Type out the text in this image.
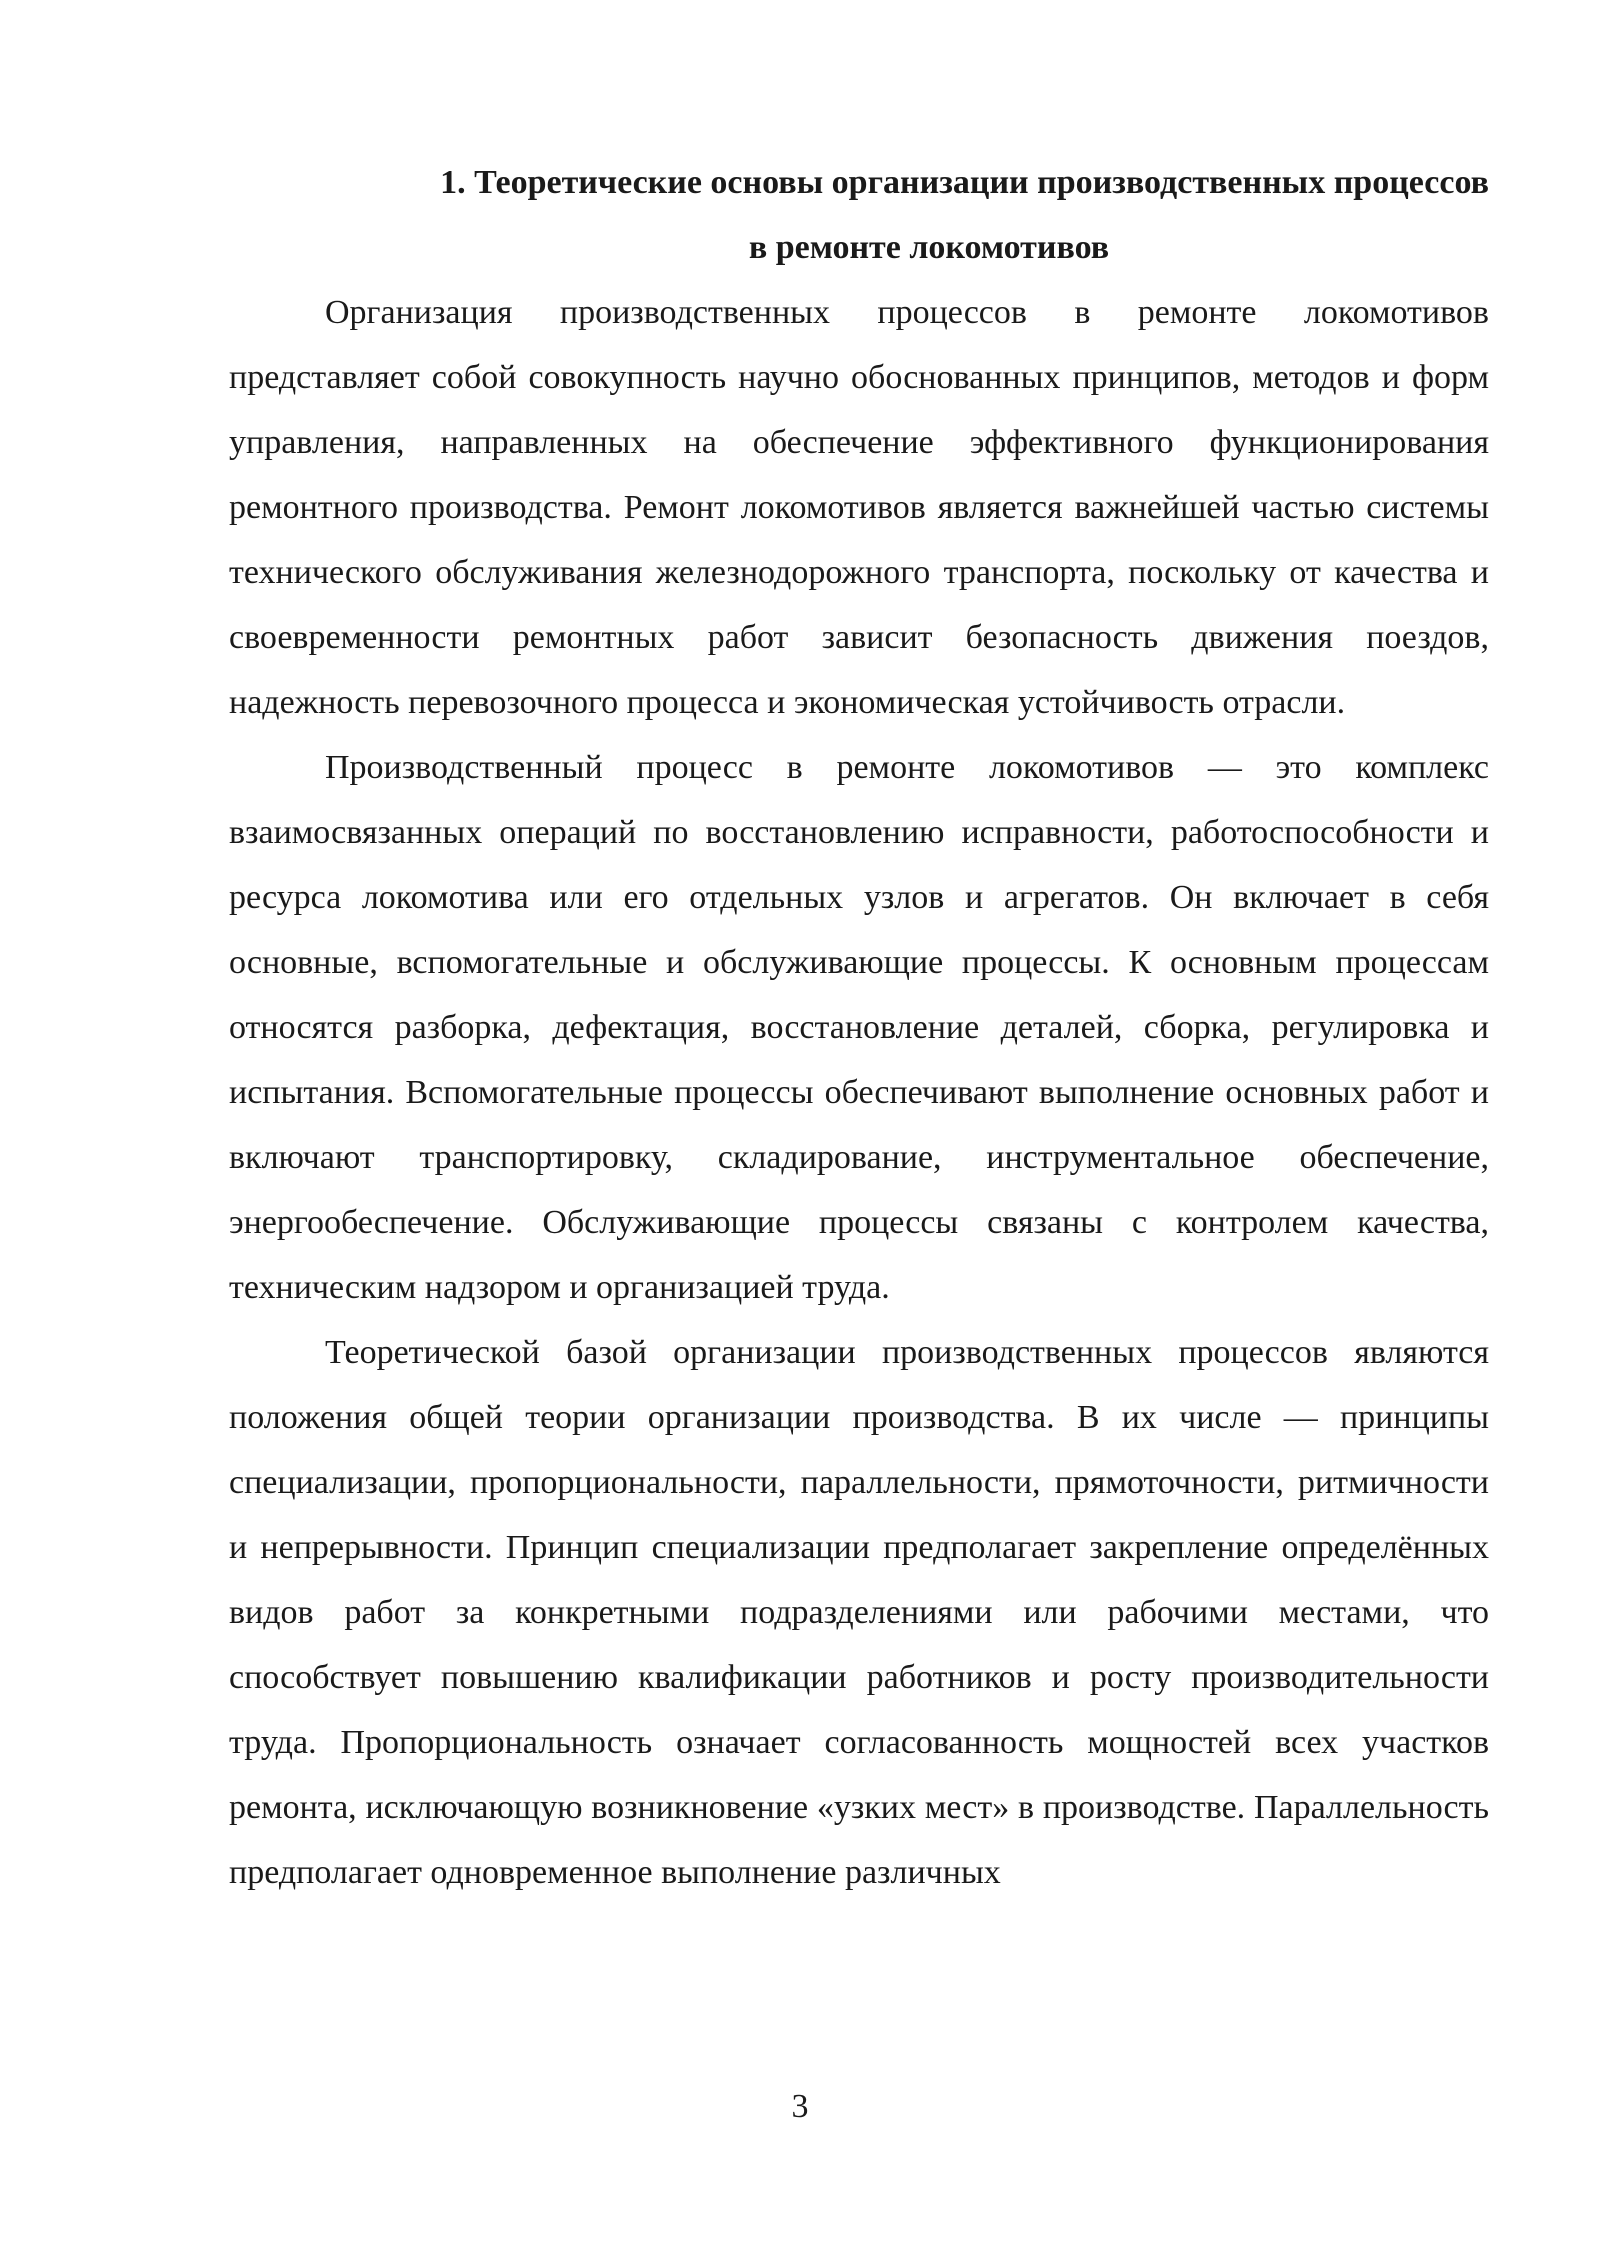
1. Теоретические основы организации производственных процессов
в ремонте локомотивов

Организация производственных процессов в ремонте локомотивов представляет собой совокупность научно обоснованных принципов, методов и форм управления, направленных на обеспечение эффективного функционирования ремонтного производства. Ремонт локомотивов является важнейшей частью системы технического обслуживания железнодорожного транспорта, поскольку от качества и своевременности ремонтных работ зависит безопасность движения поездов, надежность перевозочного процесса и экономическая устойчивость отрасли.

Производственный процесс в ремонте локомотивов — это комплекс взаимосвязанных операций по восстановлению исправности, работоспособности и ресурса локомотива или его отдельных узлов и агрегатов. Он включает в себя основные, вспомогательные и обслуживающие процессы. К основным процессам относятся разборка, дефектация, восстановление деталей, сборка, регулировка и испытания. Вспомогательные процессы обеспечивают выполнение основных работ и включают транспортировку, складирование, инструментальное обеспечение, энергообеспечение. Обслуживающие процессы связаны с контролем качества, техническим надзором и организацией труда.

Теоретической базой организации производственных процессов являются положения общей теории организации производства. В их числе — принципы специализации, пропорциональности, параллельности, прямоточности, ритмичности и непрерывности. Принцип специализации предполагает закрепление определённых видов работ за конкретными подразделениями или рабочими местами, что способствует повышению квалификации работников и росту производительности труда. Пропорциональность означает согласованность мощностей всех участков ремонта, исключающую возникновение «узких мест» в производстве. Параллельность предполагает одновременное выполнение различных

3
